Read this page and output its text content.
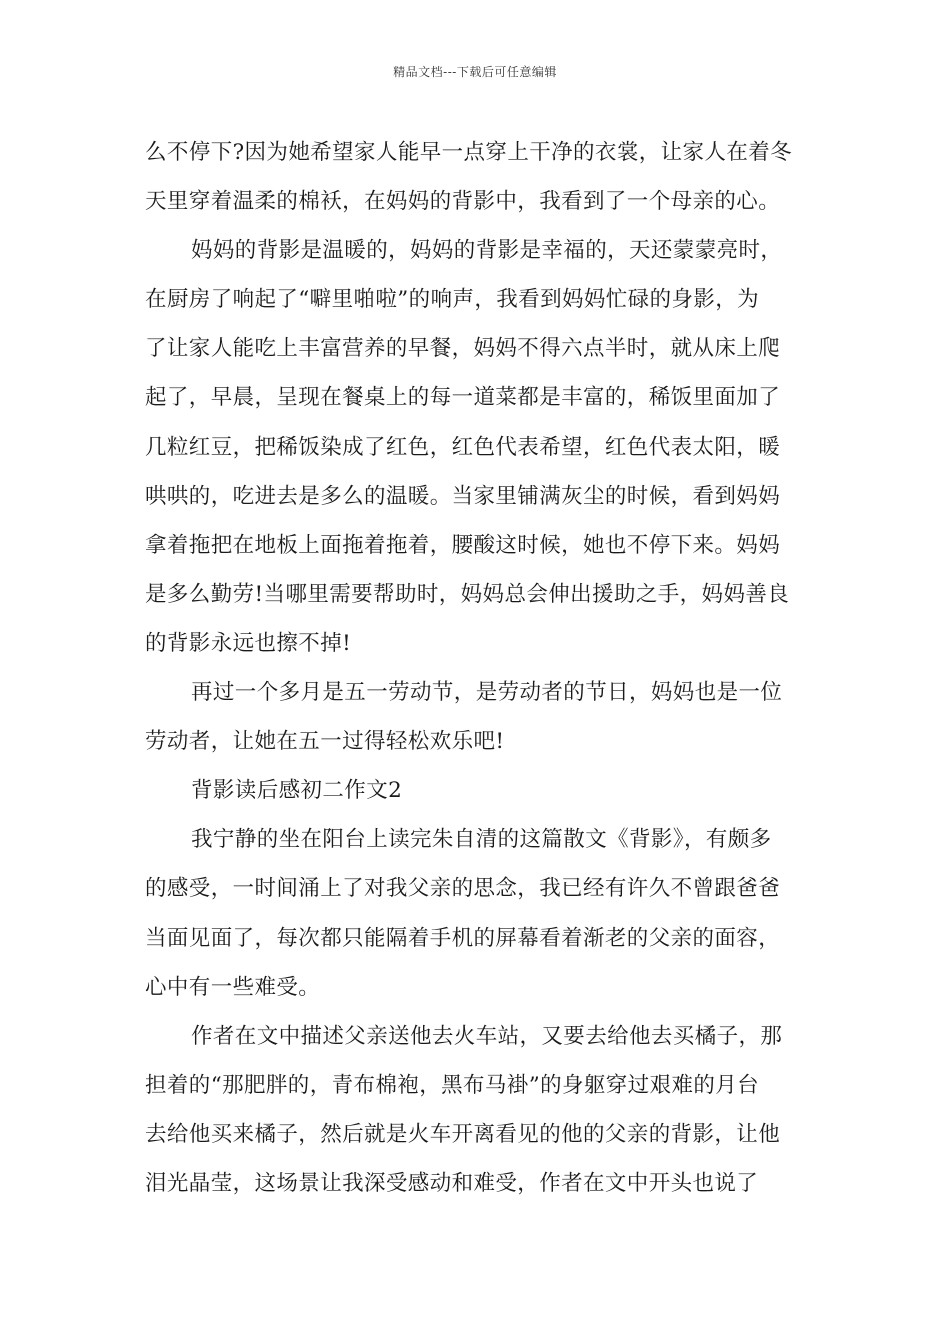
精品文档---下载后可任意编辑
么不停下?因为她希望家人能早一点穿上干净的衣裳，让家人在着冬
天里穿着温柔的棉袄，在妈妈的背影中，我看到了一个母亲的心。
妈妈的背影是温暖的，妈妈的背影是幸福的，天还蒙蒙亮时，
在厨房了响起了“噼里啪啦”的响声，我看到妈妈忙碌的身影，为
了让家人能吃上丰富营养的早餐，妈妈不得六点半时，就从床上爬
起了，早晨，呈现在餐桌上的每一道菜都是丰富的，稀饭里面加了
几粒红豆，把稀饭染成了红色，红色代表希望，红色代表太阳，暖
哄哄的，吃进去是多么的温暖。当家里铺满灰尘的时候，看到妈妈
拿着拖把在地板上面拖着拖着，腰酸这时候，她也不停下来。妈妈
是多么勤劳!当哪里需要帮助时，妈妈总会伸出援助之手，妈妈善良
的背影永远也擦不掉!
再过一个多月是五一劳动节，是劳动者的节日，妈妈也是一位
劳动者，让她在五一过得轻松欢乐吧!
背影读后感初二作文2
我宁静的坐在阳台上读完朱自清的这篇散文《背影》，有颇多
的感受，一时间涌上了对我父亲的思念，我已经有许久不曾跟爸爸
当面见面了，每次都只能隔着手机的屏幕看着渐老的父亲的面容，
心中有一些难受。
作者在文中描述父亲送他去火车站，又要去给他去买橘子，那
担着的“那肥胖的，青布棉袍，黑布马褂”的身躯穿过艰难的月台
去给他买来橘子，然后就是火车开离看见的他的父亲的背影，让他
泪光晶莹，这场景让我深受感动和难受，作者在文中开头也说了
